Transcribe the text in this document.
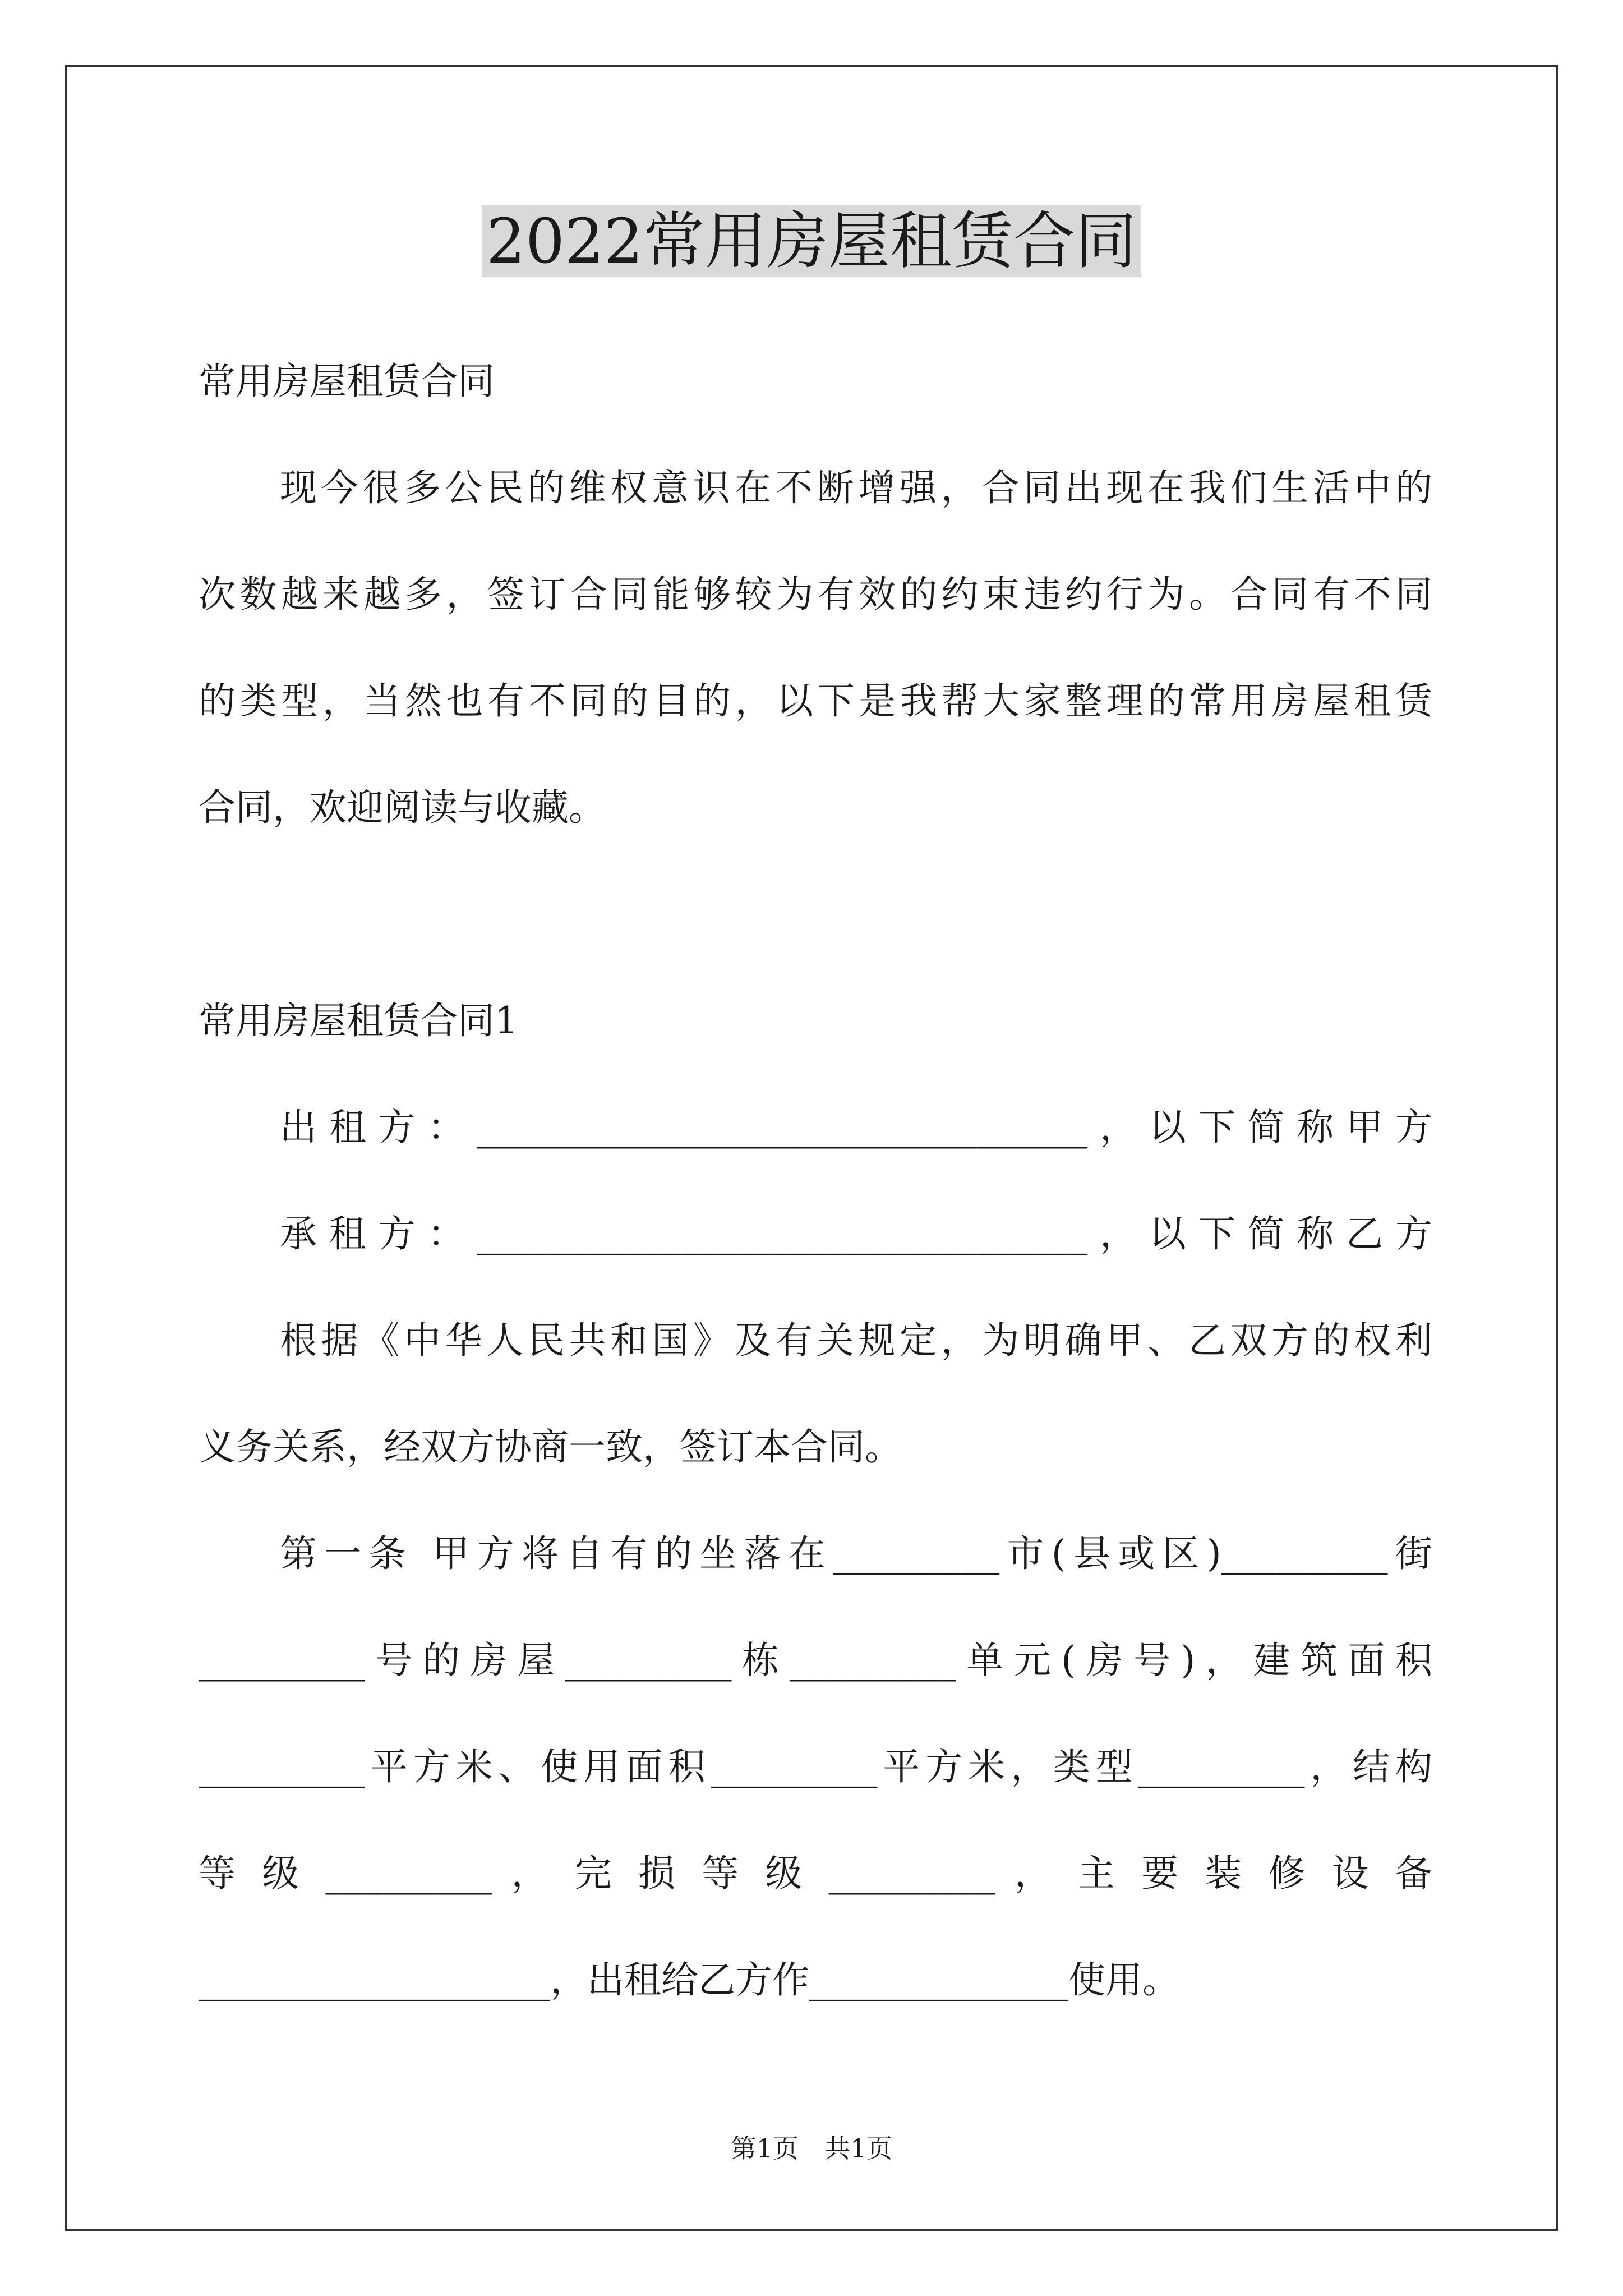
2022常用房屋租赁合同
常用房屋租赁合同
现今很多公民的维权意识在不断增强，合同出现在我们生活中的
次数越来越多，签订合同能够较为有效的约束违约行为。合同有不同
的类型，当然也有不同的目的，以下是我帮大家整理的常用房屋租赁
合同，欢迎阅读与收藏。
常用房屋租赁合同1
出租方：_________________________________，以下简称甲方
承租方：_________________________________，以下简称乙方
根据《中华人民共和国》及有关规定，为明确甲、乙双方的权利
义务关系，经双方协商一致，签订本合同。
第一条 甲方将自有的坐落在_________市(县或区)_________街
_________号的房屋_________栋_________单元(房号)，建筑面积
_________平方米、使用面积_________平方米，类型_________，结构
等 级 _________ ， 完 损 等 级 _________ ， 主 要 装 修 设 备
___________________，出租给乙方作______________使用。
第1页　共1页
